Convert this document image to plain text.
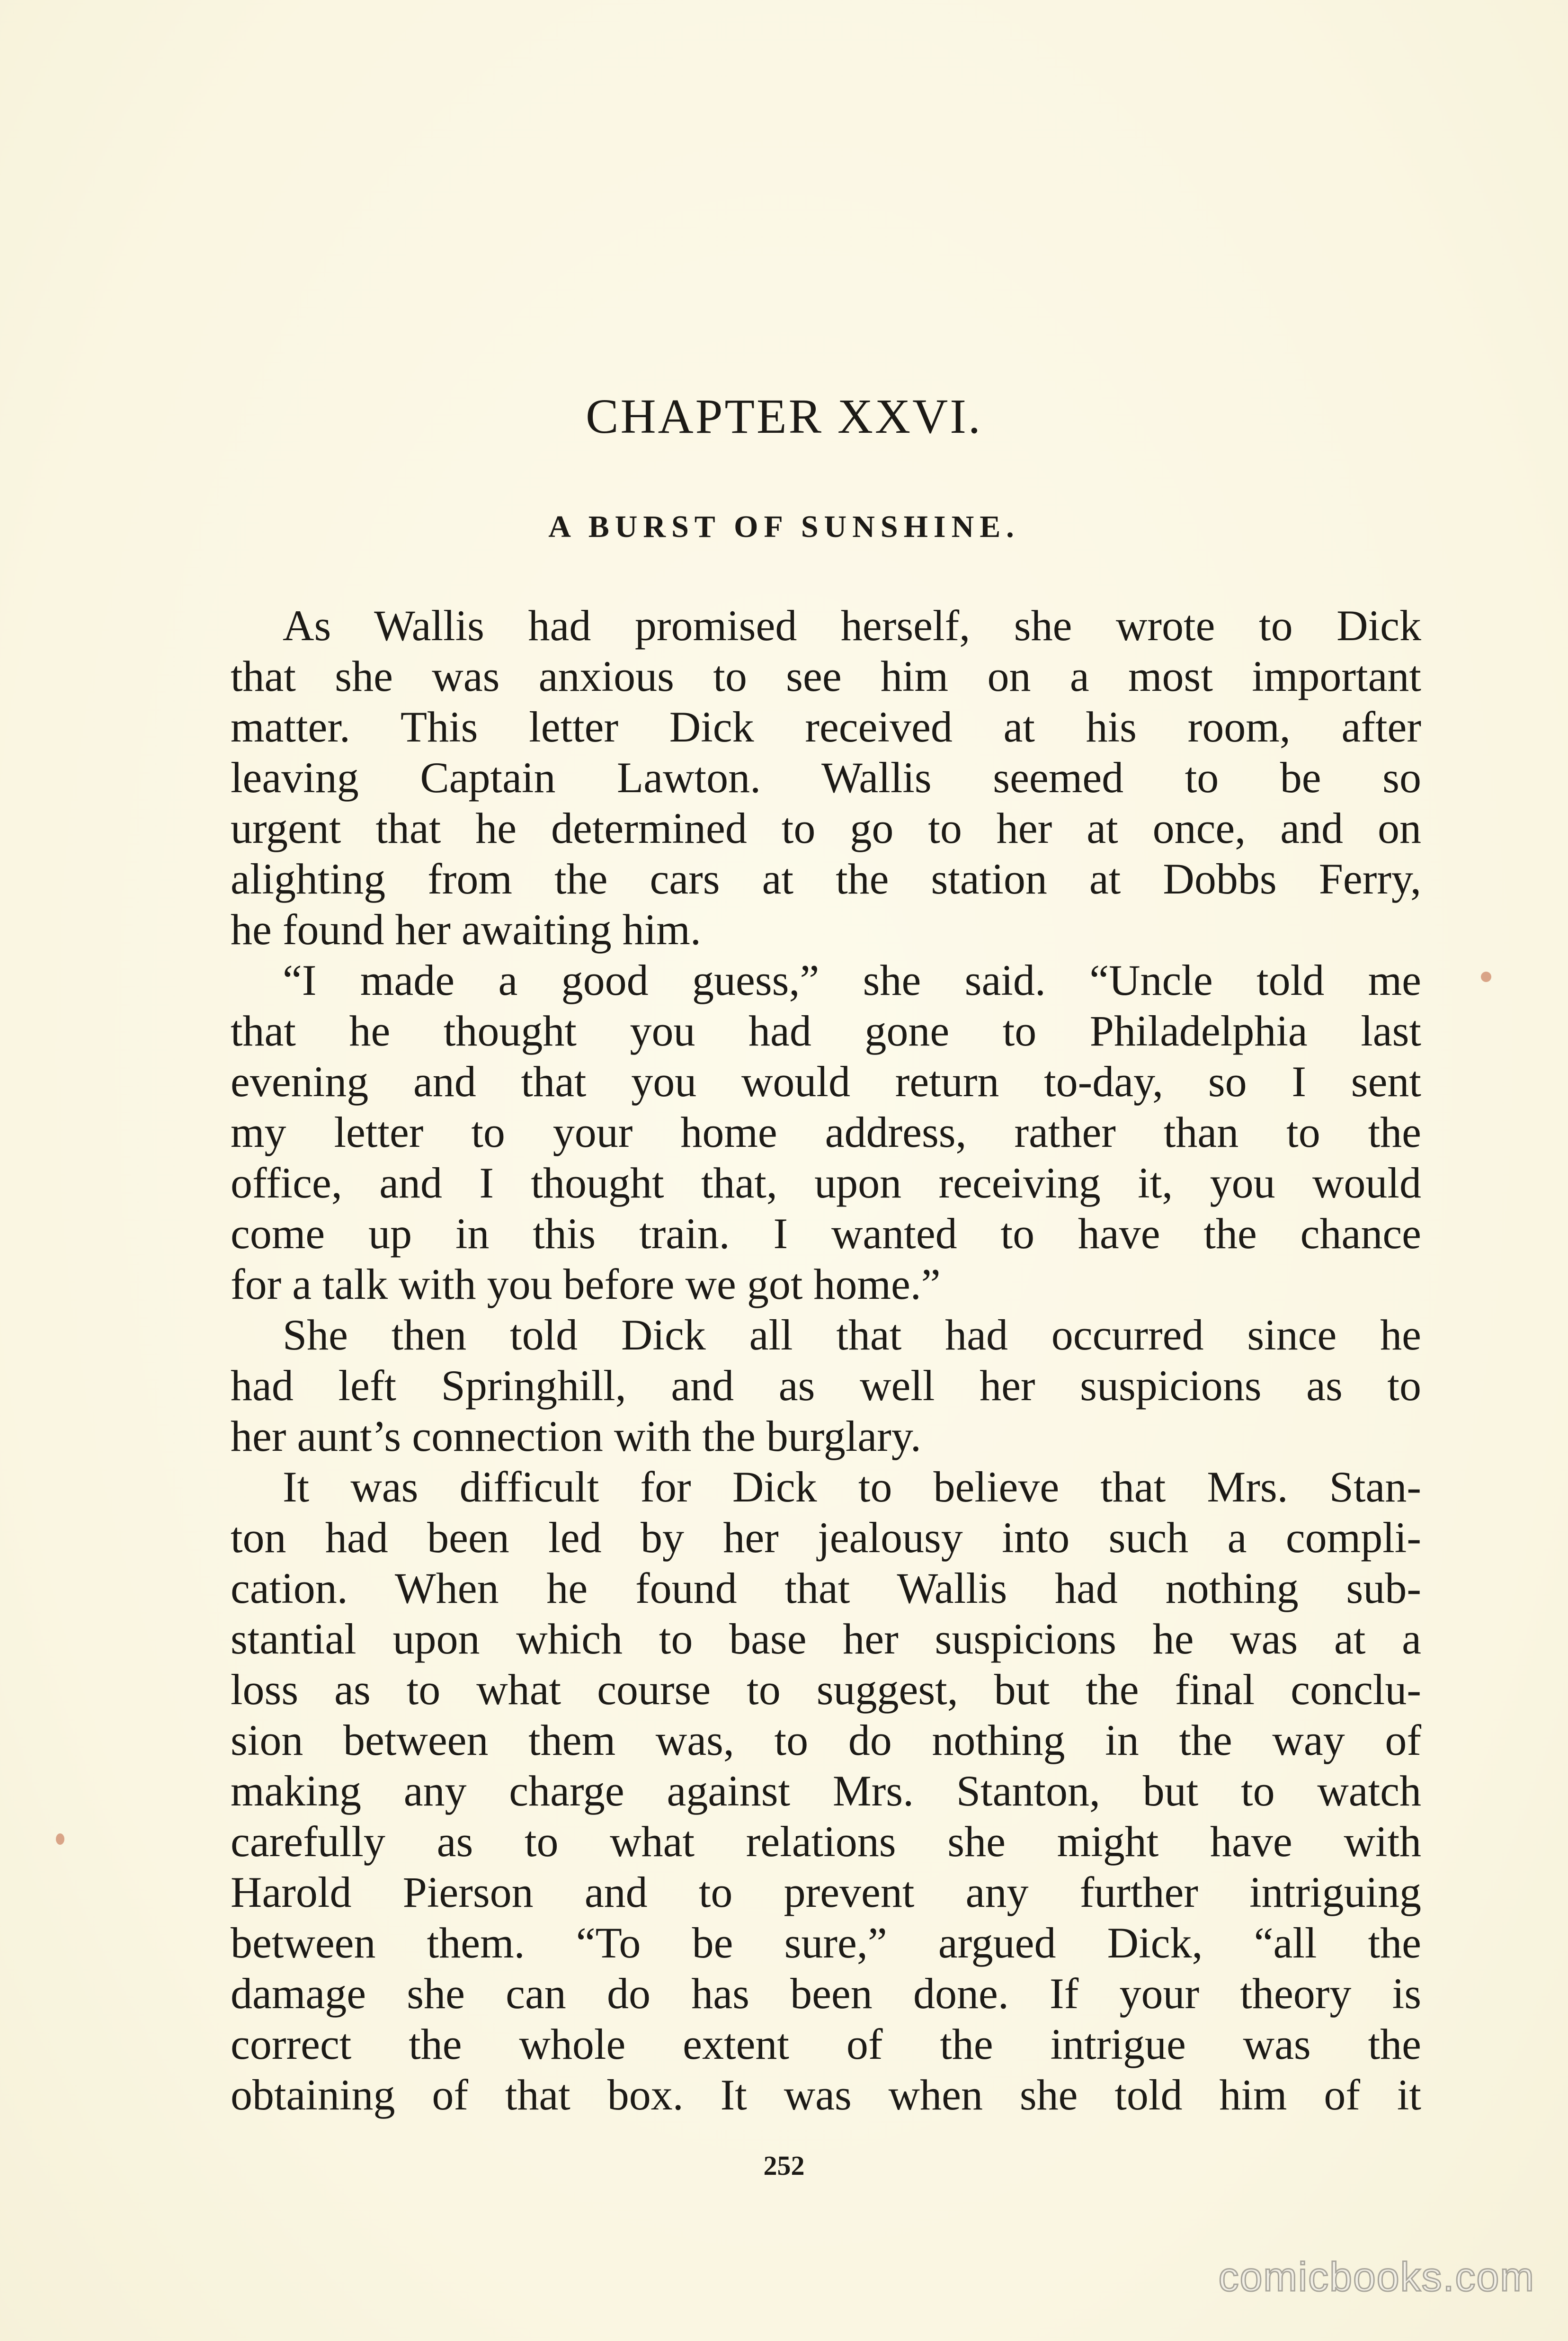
CHAPTER XXVI.
A BURST OF SUNSHINE.
As Wallis had promised herself, she wrote to Dick
that she was anxious to see him on a most important
matter. This letter Dick received at his room, after
leaving Captain Lawton. Wallis seemed to be so
urgent that he determined to go to her at once, and on
alighting from the cars at the station at Dobbs Ferry,
he found her awaiting him.
“I made a good guess,” she said. “Uncle told me
that he thought you had gone to Philadelphia last
evening and that you would return to-day, so I sent
my letter to your home address, rather than to the
office, and I thought that, upon receiving it, you would
come up in this train. I wanted to have the chance
for a talk with you before we got home.”
She then told Dick all that had occurred since he
had left Springhill, and as well her suspicions as to
her aunt’s connection with the burglary.
It was difficult for Dick to believe that Mrs. Stan-
ton had been led by her jealousy into such a compli-
cation. When he found that Wallis had nothing sub-
stantial upon which to base her suspicions he was at a
loss as to what course to suggest, but the final conclu-
sion between them was, to do nothing in the way of
making any charge against Mrs. Stanton, but to watch
carefully as to what relations she might have with
Harold Pierson and to prevent any further intriguing
between them. “To be sure,” argued Dick, “all the
damage she can do has been done. If your theory is
correct the whole extent of the intrigue was the
obtaining of that box. It was when she told him of it
252
comicbooks.com
